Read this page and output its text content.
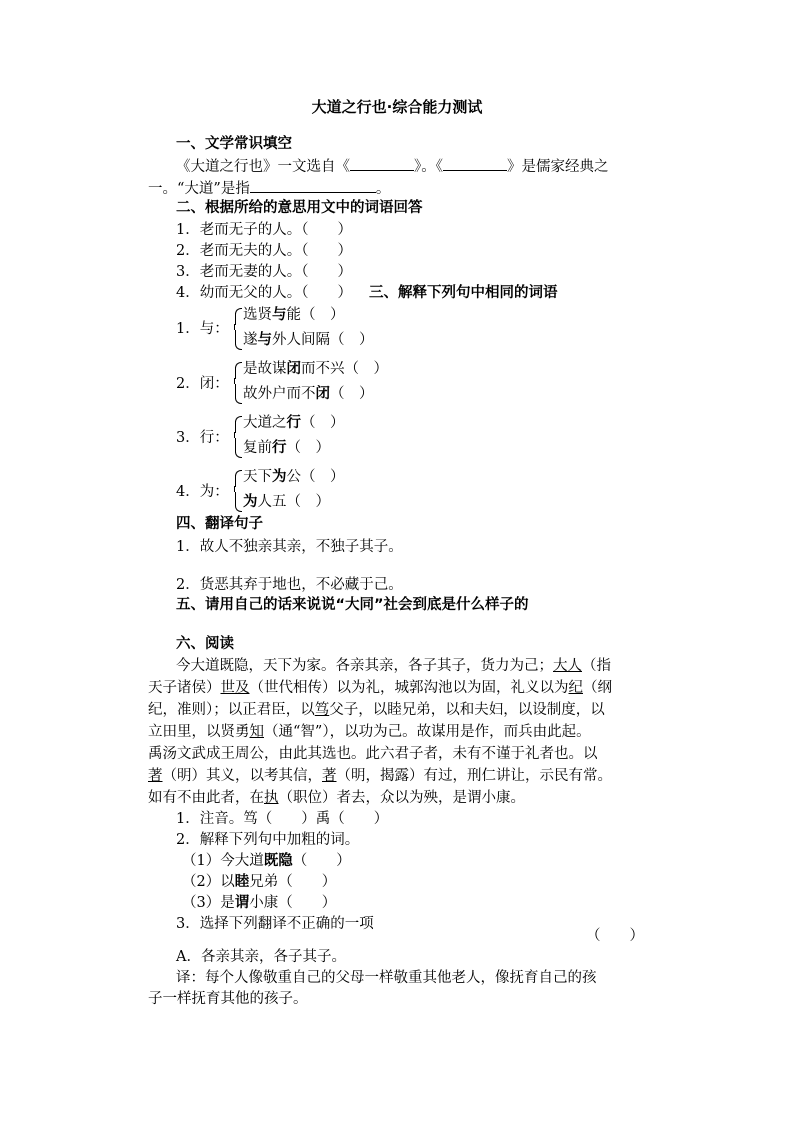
大道之行也·综合能力测试
一、文学常识填空
《大道之行也》一文选自《	》。《	》是儒家经典之
一。“大道”是指	。
二、根据所给的意思用文中的词语回答
1．老而无子的人。（　　）
2．老而无夫的人。（　　）
3．老而无妻的人。（　　）
4．幼而无父的人。（　　） 三、解释下列句中相同的词语
1．与：
选贤与能（　）
遂与外人间隔（　）
2．闭：
是故谋闭而不兴（　）
故外户而不闭（　）
3．行：
大道之行（　）
复前行（　）
4．为：
天下为公（　）
为人五（　）
四、翻译句子
1．故人不独亲其亲，不独子其子。
2．货恶其弃于地也，不必藏于己。
五、请用自己的话来说说“大同”社会到底是什么样子的
六、阅读
今大道既隐，天下为家。各亲其亲，各子其子，货力为己；大人（指
天子诸侯）世及（世代相传）以为礼，城郭沟池以为固，礼义以为纪（纲
纪，准则）；以正君臣，以笃父子，以睦兄弟，以和夫妇，以设制度，以
立田里，以贤勇知（通“智”），以功为己。故谋用是作，而兵由此起。
禹汤文武成王周公，由此其选也。此六君子者，未有不谨于礼者也。以
著（明）其义，以考其信，著（明，揭露）有过，刑仁讲让，示民有常。
如有不由此者，在执（职位）者去，众以为殃，是谓小康。
1．注音。笃（　　）禹（　　）
2．解释下列句中加粗的词。
（1）今大道既隐（　　）
（2）以睦兄弟（　　）
（3）是谓小康（　　）
3．选择下列翻译不正确的一项
（　　）
A．各亲其亲，各子其子。
译：每个人像敬重自己的父母一样敬重其他老人，像抚育自己的孩
子一样抚育其他的孩子。
